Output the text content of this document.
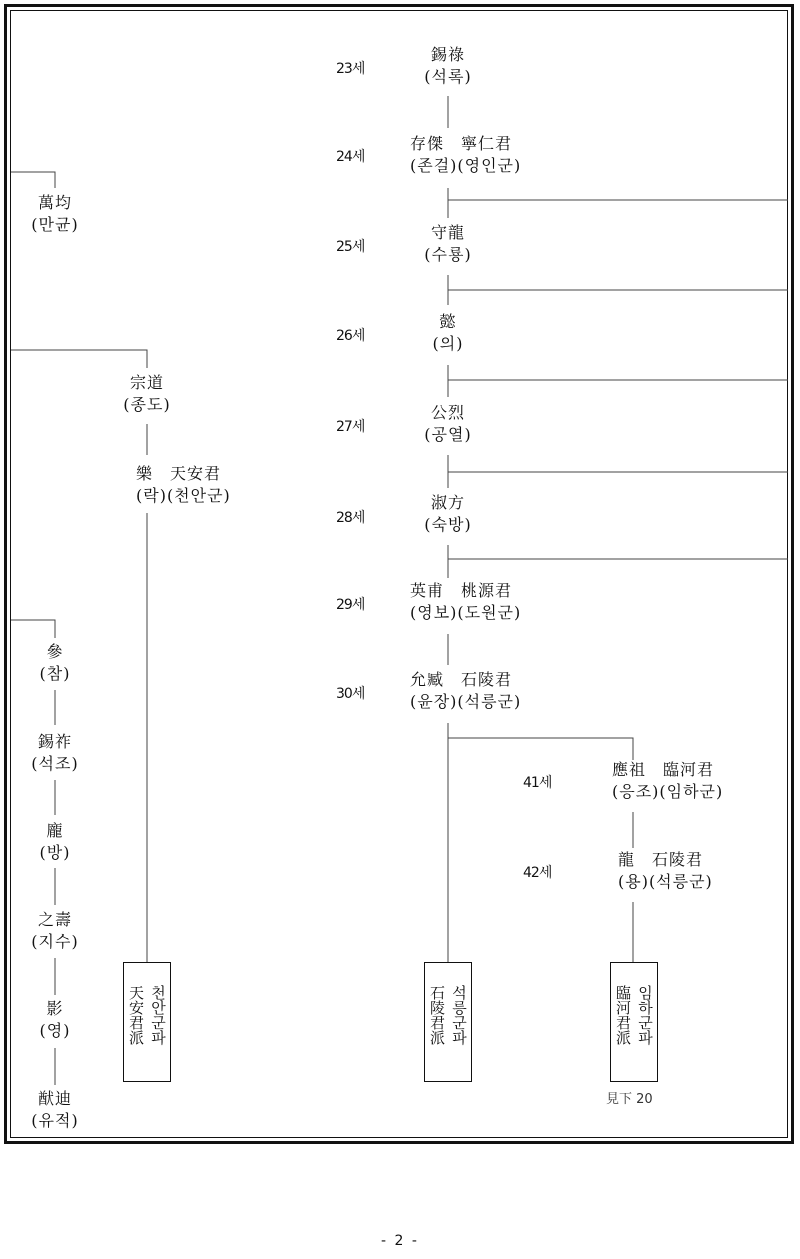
23세
24세
25세
26세
27세
28세
29세
30세
41세
42세
錫祿
(석록)
存傑　寧仁君
(존걸)(영인군)
守龍
(수룡)
懿
(의)
公烈
(공열)
淑方
(숙방)
英甫　桃源君
(영보)(도원군)
允臧　石陵君
(윤장)(석릉군)
應祖　臨河君
(응조)(임하군)
龍　石陵君
(용)(석릉군)
萬均
(만균)
宗道
(종도)
樂　天安君
(락)(천안군)
參
(참)
錫祚
(석조)
龐
(방)
之壽
(지수)
影
(영)
猷迪
(유적)
천안군파
天安君派	석릉군파
石陵君派	임하군파
臨河君派
見下 20
- 2 -
